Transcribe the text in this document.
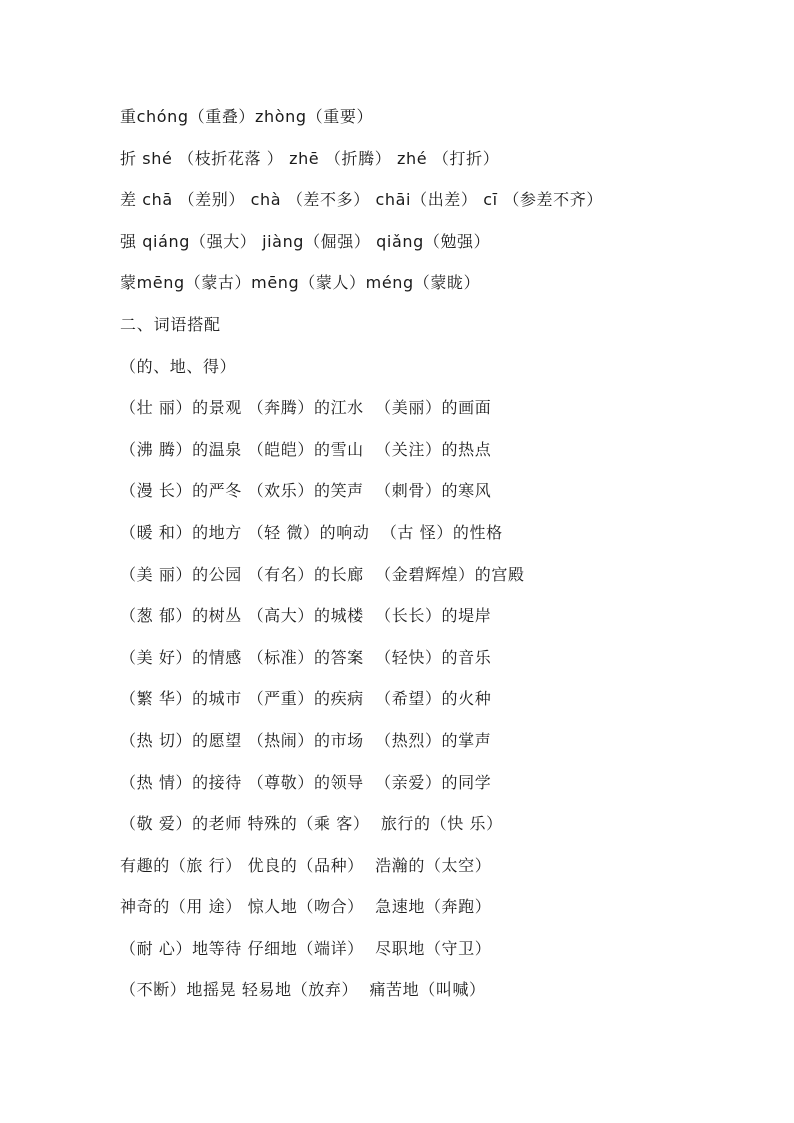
重chóng（重叠）zhòng（重要）
折 shé （枝折花落 ） zhē （折腾） zhé （打折）
差 chā （差别） chà （差不多） chāi（出差） cī （参差不齐）
强 qiáng（强大） jiàng（倔强） qiǎng（勉强）
蒙mēng（蒙古）mēng（蒙人）méng（蒙眬）
二、词语搭配
（的、地、得）
（壮 丽）的景观 （奔腾）的江水  （美丽）的画面
（沸 腾）的温泉 （皑皑）的雪山  （关注）的热点
（漫 长）的严冬 （欢乐）的笑声  （刺骨）的寒风
（暖 和）的地方 （轻 微）的响动  （古 怪）的性格
（美 丽）的公园 （有名）的长廊  （金碧辉煌）的宫殿
（葱 郁）的树丛 （高大）的城楼  （长长）的堤岸
（美 好）的情感 （标准）的答案  （轻快）的音乐
（繁 华）的城市 （严重）的疾病  （希望）的火种
（热 切）的愿望 （热闹）的市场  （热烈）的掌声
（热 情）的接待 （尊敬）的领导  （亲爱）的同学
（敬 爱）的老师 特殊的（乘 客）  旅行的（快 乐）
有趣的（旅 行） 优良的（品种）  浩瀚的（太空）
神奇的（用 途） 惊人地（吻合）  急速地（奔跑）
（耐 心）地等待 仔细地（端详）  尽职地（守卫）
（不断）地摇晃 轻易地（放弃）  痛苦地（叫喊）
